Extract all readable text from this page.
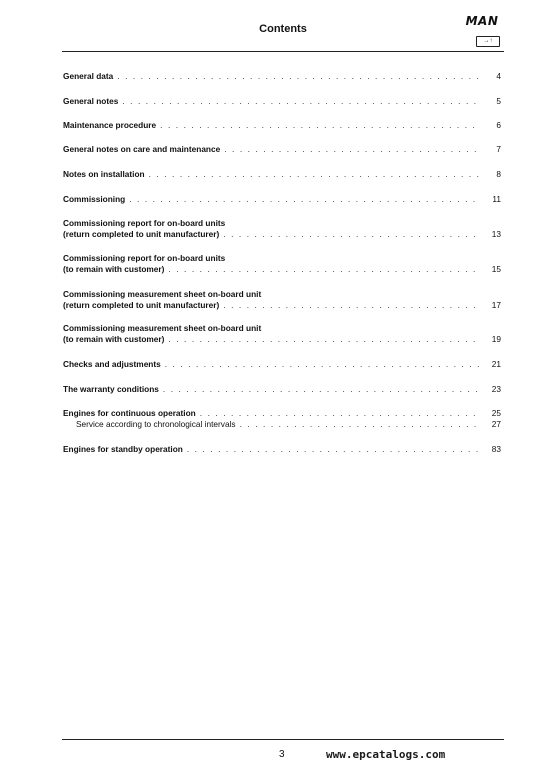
Contents
MAN
→↑
General data . . .	4
General notes . . .	5
Maintenance procedure . . .	6
General notes on care and maintenance . . .	7
Notes on installation . . .	8
Commissioning . . .	11
Commissioning report for on-board units
(return completed to unit manufacturer) . . .	13
Commissioning report for on-board units
(to remain with customer) . . .	15
Commissioning measurement sheet on-board unit
(return completed to unit manufacturer) . . .	17
Commissioning measurement sheet on-board unit
(to remain with customer) . . .	19
Checks and adjustments . . .	21
The warranty conditions . . .	23
Engines for continuous operation . . .	25
Service according to chronological intervals . . .	27
Engines for standby operation . . .	83
3	www.epcatalogs.com
